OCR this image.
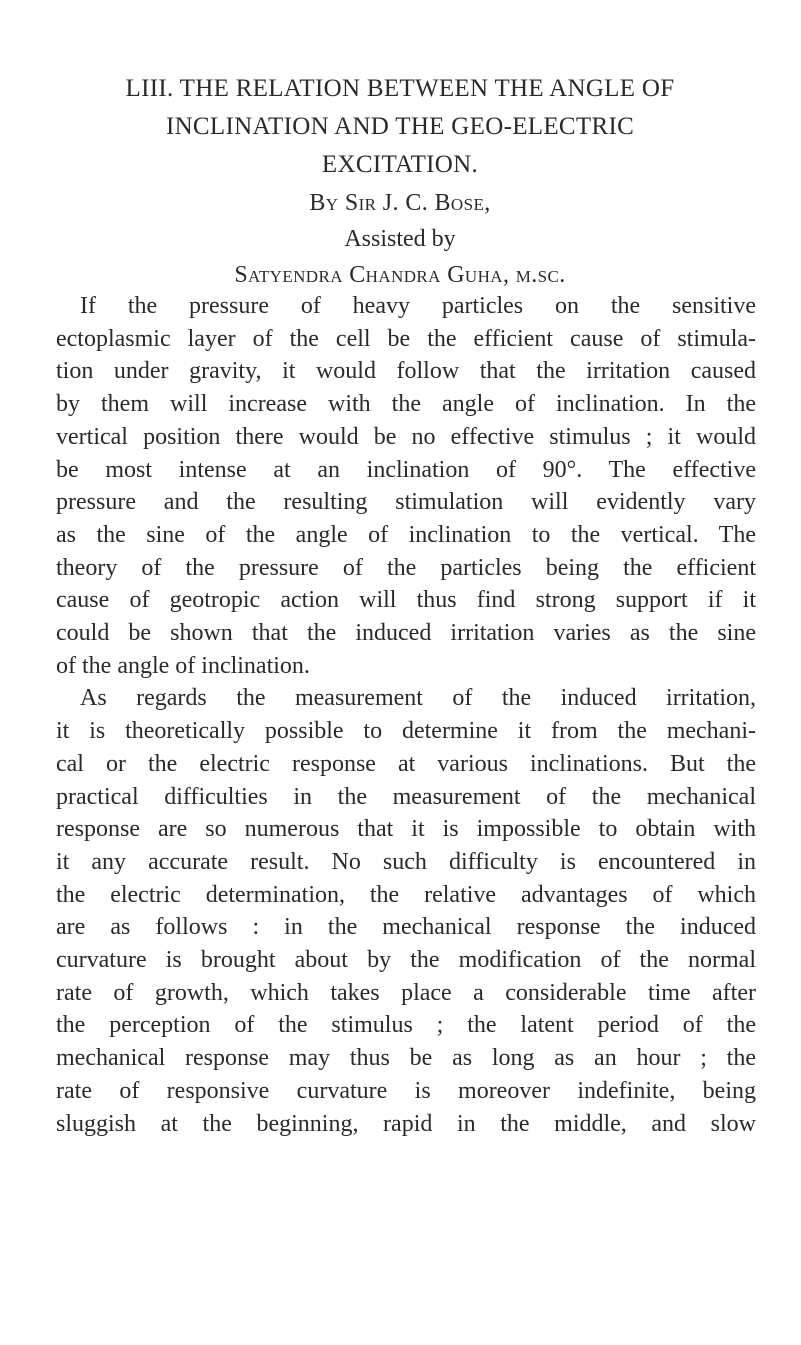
LIII. THE RELATION BETWEEN THE ANGLE OF
INCLINATION AND THE GEO-ELECTRIC
EXCITATION.
By Sir J. C. Bose,
Assisted by
Satyendra Chandra Guha, m.sc.
If the pressure of heavy particles on the sensitive
ectoplasmic layer of the cell be the efficient cause of stimula-
tion under gravity, it would follow that the irritation caused
by them will increase with the angle of inclination. In the
vertical position there would be no effective stimulus ; it would
be most intense at an inclination of 90°. The effective
pressure and the resulting stimulation will evidently vary
as the sine of the angle of inclination to the vertical. The
theory of the pressure of the particles being the efficient
cause of geotropic action will thus find strong support if it
could be shown that the induced irritation varies as the sine
of the angle of inclination.
As regards the measurement of the induced irritation,
it is theoretically possible to determine it from the mechani-
cal or the electric response at various inclinations. But the
practical difficulties in the measurement of the mechanical
response are so numerous that it is impossible to obtain with
it any accurate result. No such difficulty is encountered in
the electric determination, the relative advantages of which
are as follows : in the mechanical response the induced
curvature is brought about by the modification of the normal
rate of growth, which takes place a considerable time after
the perception of the stimulus ; the latent period of the
mechanical response may thus be as long as an hour ; the
rate of responsive curvature is moreover indefinite, being
sluggish at the beginning, rapid in the middle, and slow
